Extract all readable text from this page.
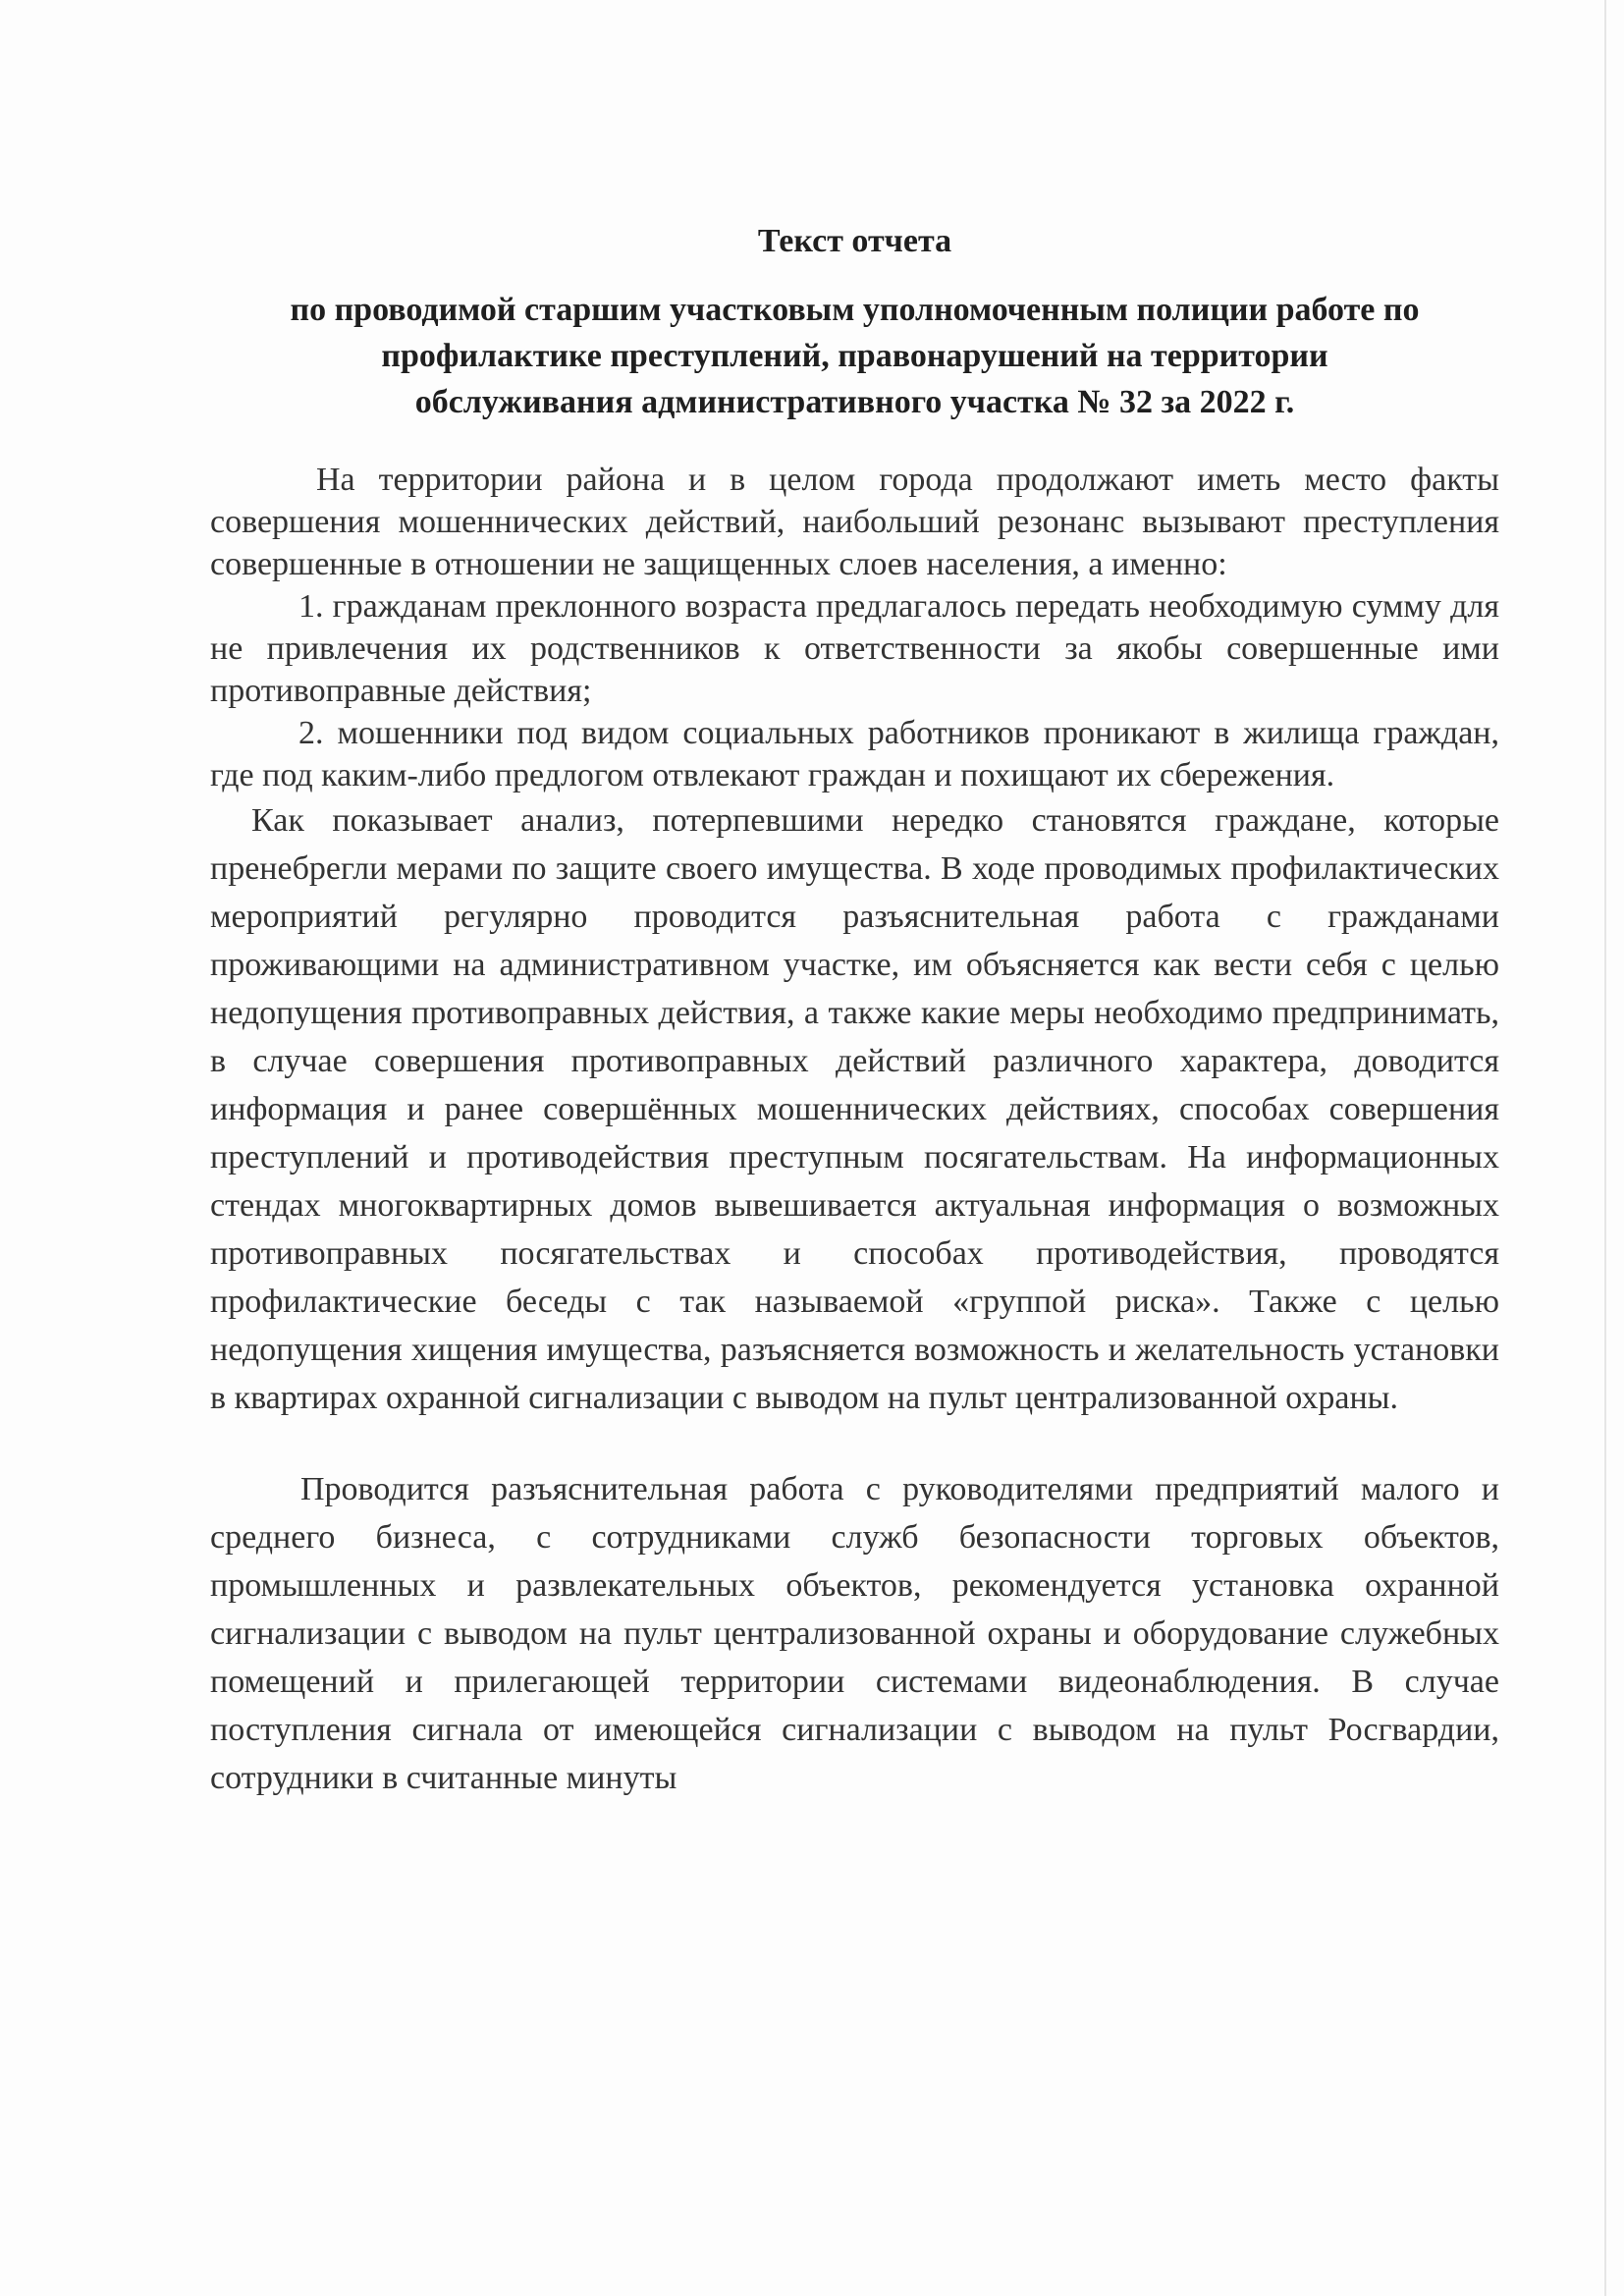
Текст отчета
по проводимой старшим участковым уполномоченным полиции работе по
профилактике преступлений, правонарушений на территории
обслуживания административного участка № 32 за 2022 г.

На территории района и в целом города продолжают иметь место факты совершения мошеннических действий, наибольший резонанс вызывают преступления совершенные в отношении не защищенных слоев населения, а именно:

1. гражданам преклонного возраста предлагалось передать необходимую сумму для не привлечения их родственников к ответственности за якобы совершенные ими противоправные действия;

2. мошенники под видом социальных работников проникают в жилища граждан, где под каким-либо предлогом отвлекают граждан и похищают их сбережения.

Как показывает анализ, потерпевшими нередко становятся граждане, которые пренебрегли мерами по защите своего имущества. В ходе проводимых профилактических мероприятий регулярно проводится разъяснительная работа с гражданами проживающими на административном участке, им объясняется как вести себя с целью недопущения противоправных действия, а также какие меры необходимо предпринимать, в случае совершения противоправных действий различного характера, доводится информация и ранее совершённых мошеннических действиях, способах совершения преступлений и противодействия преступным посягательствам. На информационных стендах многоквартирных домов вывешивается актуальная информация о возможных противоправных посягательствах и способах противодействия, проводятся профилактические беседы с так называемой «группой риска». Также с целью недопущения хищения имущества, разъясняется возможность и желательность установки в квартирах охранной сигнализации с выводом на пульт централизованной охраны.

Проводится разъяснительная работа с руководителями предприятий малого и среднего бизнеса, с сотрудниками служб безопасности торговых объектов, промышленных и развлекательных объектов, рекомендуется установка охранной сигнализации с выводом на пульт централизованной охраны и оборудование служебных помещений и прилегающей территории системами видеонаблюдения. В случае поступления сигнала от имеющейся сигнализации с выводом на пульт Росгвардии, сотрудники в считанные минуты
